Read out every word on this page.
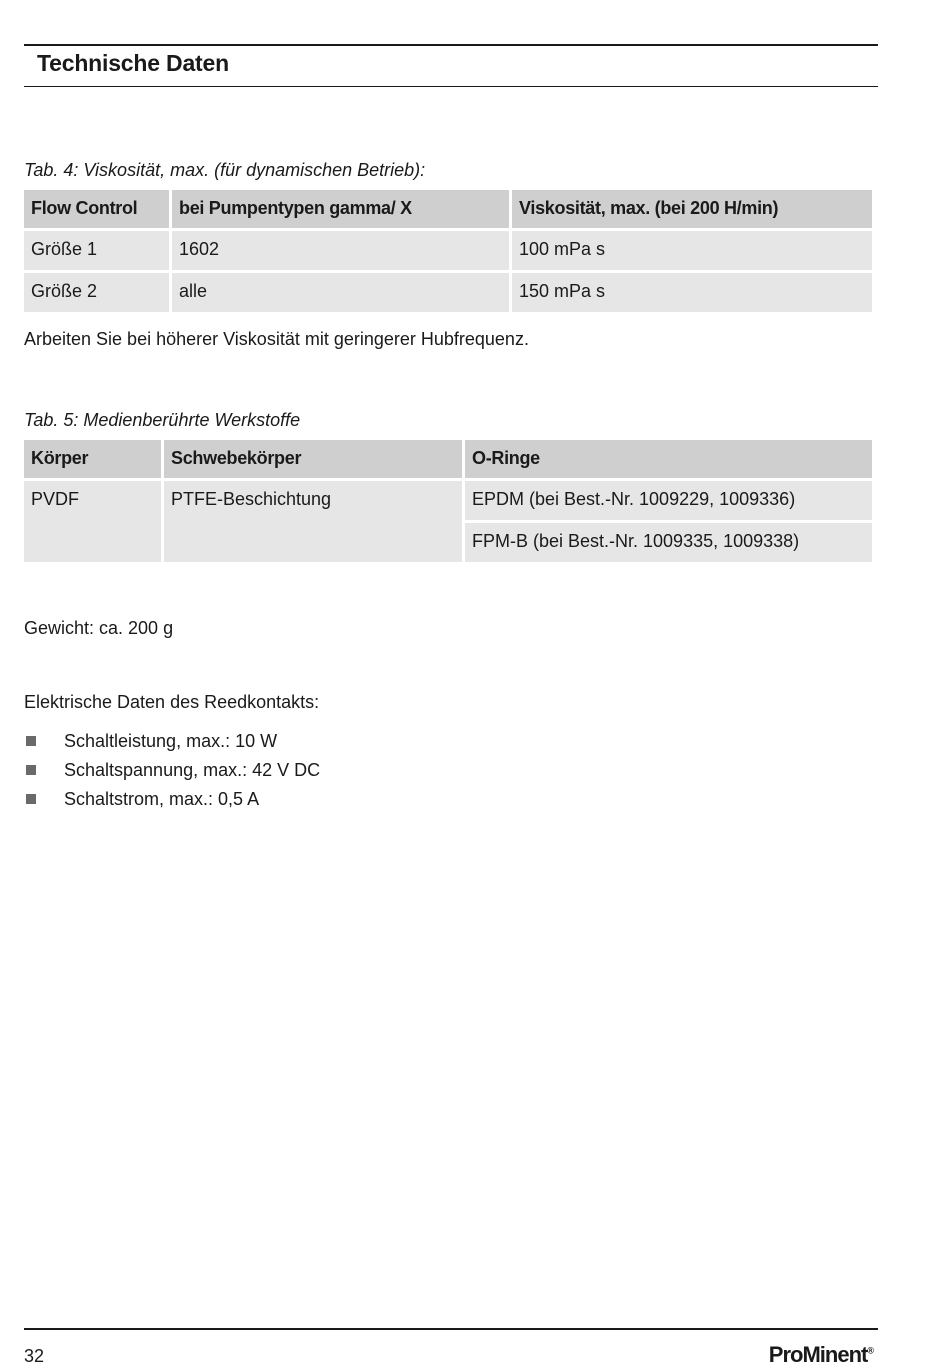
Technische Daten
Tab. 4: Viskosität, max. (für dynamischen Betrieb):
Flow Control	bei Pumpentypen gamma/ X	Viskosität, max. (bei 200 H/min)
Größe 1	1602	100 mPa s
Größe 2	alle	150 mPa s
Arbeiten Sie bei höherer Viskosität mit geringerer Hubfrequenz.
Tab. 5: Medienberührte Werkstoffe
Körper	Schwebekörper	O-Ringe
PVDF	PTFE-Beschichtung	EPDM (bei Best.-Nr. 1009229, 1009336)
		FPM-B (bei Best.-Nr. 1009335, 1009338)
Gewicht: ca. 200 g
Elektrische Daten des Reedkontakts:
Schaltleistung, max.: 10 W
Schaltspannung, max.: 42 V DC
Schaltstrom, max.: 0,5 A
32	ProMinent®
